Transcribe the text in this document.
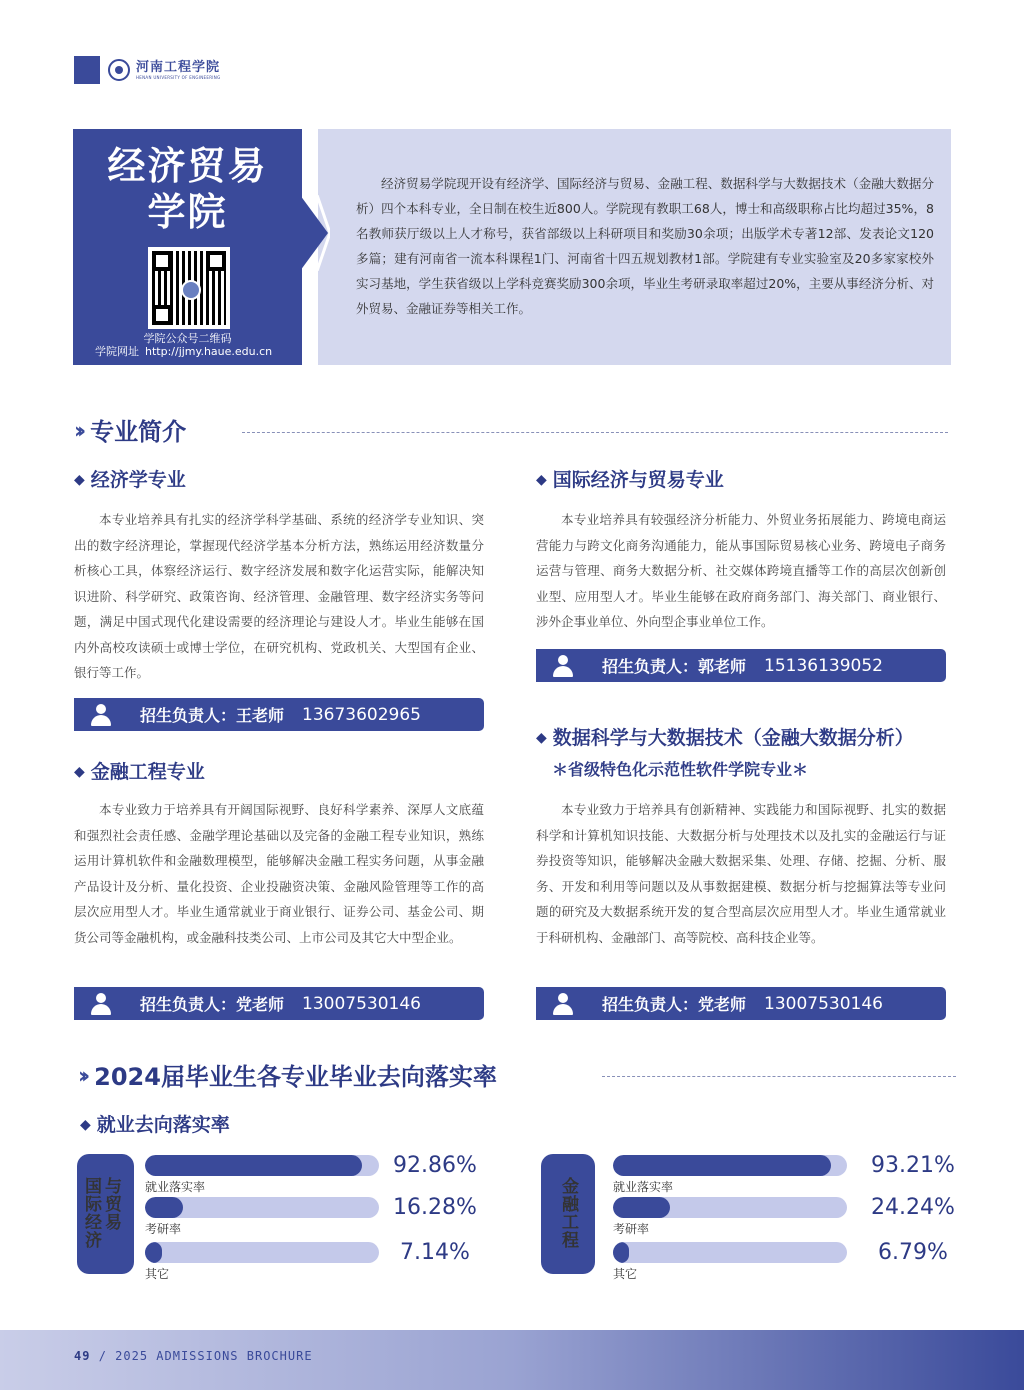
河南工程学院
HENAN UNIVERSITY OF ENGINEERING
经济贸易
学院
学院公众号二维码
学院网址 http://jjmy.haue.edu.cn
经济贸易学院现开设有经济学、国际经济与贸易、金融工程、数据科学与大数据技术（金融大数据分析）四个本科专业，全日制在校生近800人。学院现有教职工68人，博士和高级职称占比均超过35%，8名教师获厅级以上人才称号，获省部级以上科研项目和奖励30余项；出版学术专著12部、发表论文120多篇；建有河南省一流本科课程1门、河南省十四五规划教材1部。学院建有专业实验室及20多家家校外实习基地，学生获省级以上学科竞赛奖励300余项，毕业生考研录取率超过20%，主要从事经济分析、对外贸易、金融证券等相关工作。
›› 专业简介
◆ 经济学专业
本专业培养具有扎实的经济学科学基础、系统的经济学专业知识、突出的数字经济理论，掌握现代经济学基本分析方法，熟练运用经济数量分析核心工具，体察经济运行、数字经济发展和数字化运营实际，能解决知识进阶、科学研究、政策咨询、经济管理、金融管理、数字经济实务等问题，满足中国式现代化建设需要的经济理论与建设人才。毕业生能够在国内外高校攻读硕士或博士学位，在研究机构、党政机关、大型国有企业、银行等工作。
招生负责人：王老师 13673602965
◆ 国际经济与贸易专业
本专业培养具有较强经济分析能力、外贸业务拓展能力、跨境电商运营能力与跨文化商务沟通能力，能从事国际贸易核心业务、跨境电子商务运营与管理、商务大数据分析、社交媒体跨境直播等工作的高层次创新创业型、应用型人才。毕业生能够在政府商务部门、海关部门、商业银行、涉外企事业单位、外向型企事业单位工作。
招生负责人：郭老师 15136139052
◆ 金融工程专业
本专业致力于培养具有开阔国际视野、良好科学素养、深厚人文底蕴和强烈社会责任感、金融学理论基础以及完备的金融工程专业知识，熟练运用计算机软件和金融数理模型，能够解决金融工程实务问题，从事金融产品设计及分析、量化投资、企业投融资决策、金融风险管理等工作的高层次应用型人才。毕业生通常就业于商业银行、证券公司、基金公司、期货公司等金融机构，或金融科技类公司、上市公司及其它大中型企业。
招生负责人：党老师 13007530146
◆ 数据科学与大数据技术（金融大数据分析）
＊省级特色化示范性软件学院专业＊
本专业致力于培养具有创新精神、实践能力和国际视野、扎实的数据科学和计算机知识技能、大数据分析与处理技术以及扎实的金融运行与证券投资等知识，能够解决金融大数据采集、处理、存储、挖掘、分析、服务、开发和利用等问题以及从事数据建模、数据分析与挖掘算法等专业问题的研究及大数据系统开发的复合型高层次应用型人才。毕业生通常就业于科研机构、金融部门、高等院校、高科技企业等。
招生负责人：党老师 13007530146
›› 2024届毕业生各专业毕业去向落实率
◆ 就业去向落实率
与贸易
国际经济	就业落实率
92.86%
考研率
16.28%
其它
7.14%
金融工程	就业落实率
93.21%
考研率
24.24%
其它
6.79%
49 / 2025 ADMISSIONS BROCHURE
